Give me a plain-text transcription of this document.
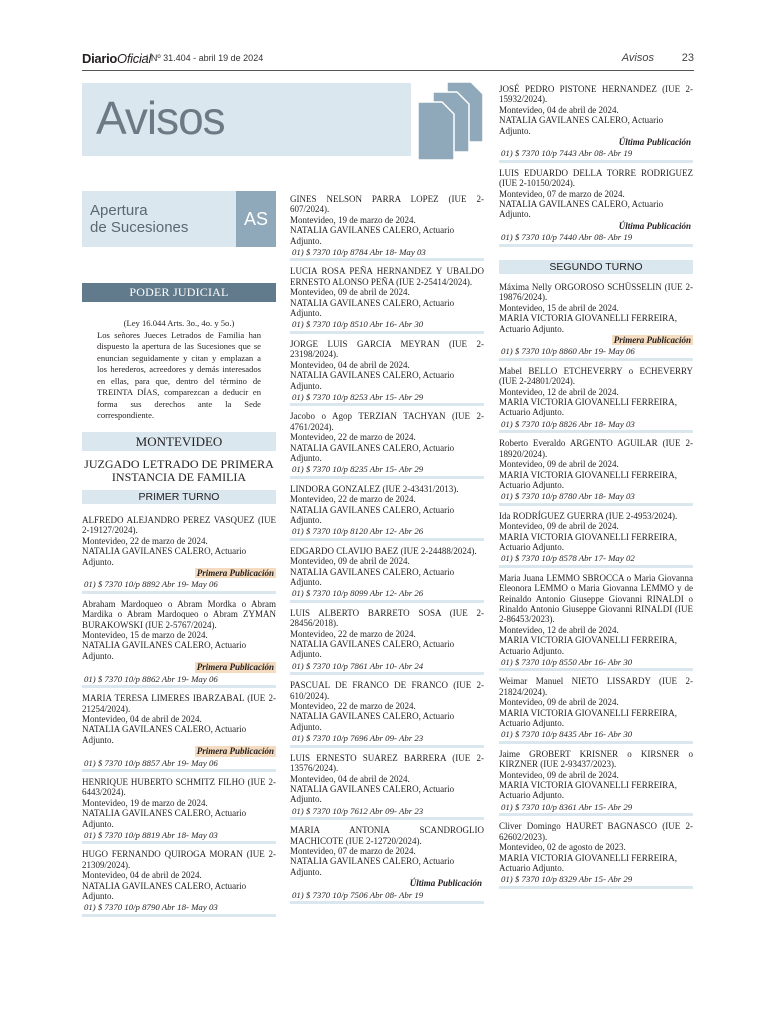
DiarioOficial
| Nº 31.404 - abril 19 de 2024	Avisos	23
Avisos
Apertura
de Sucesiones	AS
PODER JUDICIAL
(Ley 16.044 Arts. 3o., 4o. y 5o.)
Los señores Jueces Letrados de Familia han dispuesto la apertura de las Sucesiones que se enuncian seguidamente y citan y emplazan a los herederos, acreedores y demás interesados en ellas, para que, dentro del término de TREINTA DÍAS, comparezcan a deducir en forma sus derechos ante la Sede correspondiente.
MONTEVIDEO
JUZGADO LETRADO DE PRIMERA INSTANCIA DE FAMILIA
PRIMER TURNO
ALFREDO ALEJANDRO PEREZ VASQUEZ (IUE 2-19127/2024).
Montevideo, 22 de marzo de 2024.
NATALIA GAVILANES CALERO, Actuario Adjunto.
Primera Publicación
01) $ 7370 10/p 8892 Abr 19- May 06
Abraham Mardoqueo o Abram Mordka o Abram Mardika o Abram Mardoqueo o Abram ZYMAN BURAKOWSKI (IUE 2-5767/2024).
Montevideo, 15 de marzo de 2024.
NATALIA GAVILANES CALERO, Actuario Adjunto.
Primera Publicación
01) $ 7370 10/p 8862 Abr 19- May 06
MARIA TERESA LIMERES IBARZABAL (IUE 2-21254/2024).
Montevideo, 04 de abril de 2024.
NATALIA GAVILANES CALERO, Actuario Adjunto.
Primera Publicación
01) $ 7370 10/p 8857 Abr 19- May 06
HENRIQUE HUBERTO SCHMITZ FILHO (IUE 2-6443/2024).
Montevideo, 19 de marzo de 2024.
NATALIA GAVILANES CALERO, Actuario Adjunto.
01) $ 7370 10/p 8819 Abr 18- May 03
HUGO FERNANDO QUIROGA MORAN (IUE 2-21309/2024).
Montevideo, 04 de abril de 2024.
NATALIA GAVILANES CALERO, Actuario Adjunto.
01) $ 7370 10/p 8790 Abr 18- May 03
GINES NELSON PARRA LOPEZ (IUE 2-607/2024).
Montevideo, 19 de marzo de 2024.
NATALIA GAVILANES CALERO, Actuario Adjunto.
01) $ 7370 10/p 8784 Abr 18- May 03
LUCIA ROSA PEÑA HERNANDEZ Y UBALDO ERNESTO ALONSO PEÑA (IUE 2-25414/2024).
Montevideo, 09 de abril de 2024.
NATALIA GAVILANES CALERO, Actuario Adjunto.
01) $ 7370 10/p 8510 Abr 16- Abr 30
JORGE LUIS GARCIA MEYRAN (IUE 2-23198/2024).
Montevideo, 04 de abril de 2024.
NATALIA GAVILANES CALERO, Actuario Adjunto.
01) $ 7370 10/p 8253 Abr 15- Abr 29
Jacobo o Agop TERZIAN TACHYAN (IUE 2-4761/2024).
Montevideo, 22 de marzo de 2024.
NATALIA GAVILANES CALERO, Actuario Adjunto.
01) $ 7370 10/p 8235 Abr 15- Abr 29
LINDORA GONZALEZ (IUE 2-43431/2013).
Montevideo, 22 de marzo de 2024.
NATALIA GAVILANES CALERO, Actuario Adjunto.
01) $ 7370 10/p 8120 Abr 12- Abr 26
EDGARDO CLAVIJO BAEZ (IUE 2-24488/2024).
Montevideo, 09 de abril de 2024.
NATALIA GAVILANES CALERO, Actuario Adjunto.
01) $ 7370 10/p 8099 Abr 12- Abr 26
LUIS ALBERTO BARRETO SOSA (IUE 2-28456/2018).
Montevideo, 22 de marzo de 2024.
NATALIA GAVILANES CALERO, Actuario Adjunto.
01) $ 7370 10/p 7861 Abr 10- Abr 24
PASCUAL DE FRANCO DE FRANCO (IUE 2-610/2024).
Montevideo, 22 de marzo de 2024.
NATALIA GAVILANES CALERO, Actuario Adjunto.
01) $ 7370 10/p 7696 Abr 09- Abr 23
LUIS ERNESTO SUAREZ BARRERA (IUE 2-13576/2024).
Montevideo, 04 de abril de 2024.
NATALIA GAVILANES CALERO, Actuario Adjunto.
01) $ 7370 10/p 7612 Abr 09- Abr 23
MARIA ANTONIA SCANDROGLIO MACHICOTE (IUE 2-12720/2024).
Montevideo, 07 de marzo de 2024.
NATALIA GAVILANES CALERO, Actuario Adjunto.
Última Publicación
01) $ 7370 10/p 7506 Abr 08- Abr 19
JOSÉ PEDRO PISTONE HERNANDEZ (IUE 2-15932/2024).
Montevideo, 04 de abril de 2024.
NATALIA GAVILANES CALERO, Actuario Adjunto.
Última Publicación
01) $ 7370 10/p 7443 Abr 08- Abr 19
LUIS EDUARDO DELLA TORRE RODRIGUEZ (IUE 2-10150/2024).
Montevideo, 07 de marzo de 2024.
NATALIA GAVILANES CALERO, Actuario Adjunto.
Última Publicación
01) $ 7370 10/p 7440 Abr 08- Abr 19
SEGUNDO TURNO
Máxima Nelly ORGOROSO SCHÜSSELIN (IUE 2-19876/2024).
Montevideo, 15 de abril de 2024.
MARIA VICTORIA GIOVANELLI FERREIRA, Actuario Adjunto.
Primera Publicación
01) $ 7370 10/p 8860 Abr 19- May 06
Mabel BELLO ETCHEVERRY o ECHEVERRY (IUE 2-24801/2024).
Montevideo, 12 de abril de 2024.
MARIA VICTORIA GIOVANELLI FERREIRA, Actuario Adjunto.
01) $ 7370 10/p 8826 Abr 18- May 03
Roberto Everaldo ARGENTO AGUILAR (IUE 2-18920/2024).
Montevideo, 09 de abril de 2024.
MARIA VICTORIA GIOVANELLI FERREIRA, Actuario Adjunto.
01) $ 7370 10/p 8780 Abr 18- May 03
Ida RODRÍGUEZ GUERRA (IUE 2-4953/2024).
Montevideo, 09 de abril de 2024.
MARIA VICTORIA GIOVANELLI FERREIRA, Actuario Adjunto.
01) $ 7370 10/p 8578 Abr 17- May 02
Maria Juana LEMMO SBROCCA o Maria Giovanna Eleonora LEMMO o Maria Giovanna LEMMO y de Reinaldo Antonio Giuseppe Giovanni RINALDI o Rinaldo Antonio Giuseppe Giovanni RINALDI (IUE 2-86453/2023).
Montevideo, 12 de abril de 2024.
MARIA VICTORIA GIOVANELLI FERREIRA, Actuario Adjunto.
01) $ 7370 10/p 8550 Abr 16- Abr 30
Weimar Manuel NIETO LISSARDY (IUE 2-21824/2024).
Montevideo, 09 de abril de 2024.
MARIA VICTORIA GIOVANELLI FERREIRA, Actuario Adjunto.
01) $ 7370 10/p 8435 Abr 16- Abr 30
Jaime GROBERT KRISNER o KIRSNER o KIRZNER (IUE 2-93437/2023).
Montevideo, 09 de abril de 2024.
MARIA VICTORIA GIOVANELLI FERREIRA, Actuario Adjunto.
01) $ 7370 10/p 8361 Abr 15- Abr 29
Cliver Domingo HAURET BAGNASCO (IUE 2-62602/2023).
Montevideo, 02 de agosto de 2023.
MARIA VICTORIA GIOVANELLI FERREIRA, Actuario Adjunto.
01) $ 7370 10/p 8329 Abr 15- Abr 29
